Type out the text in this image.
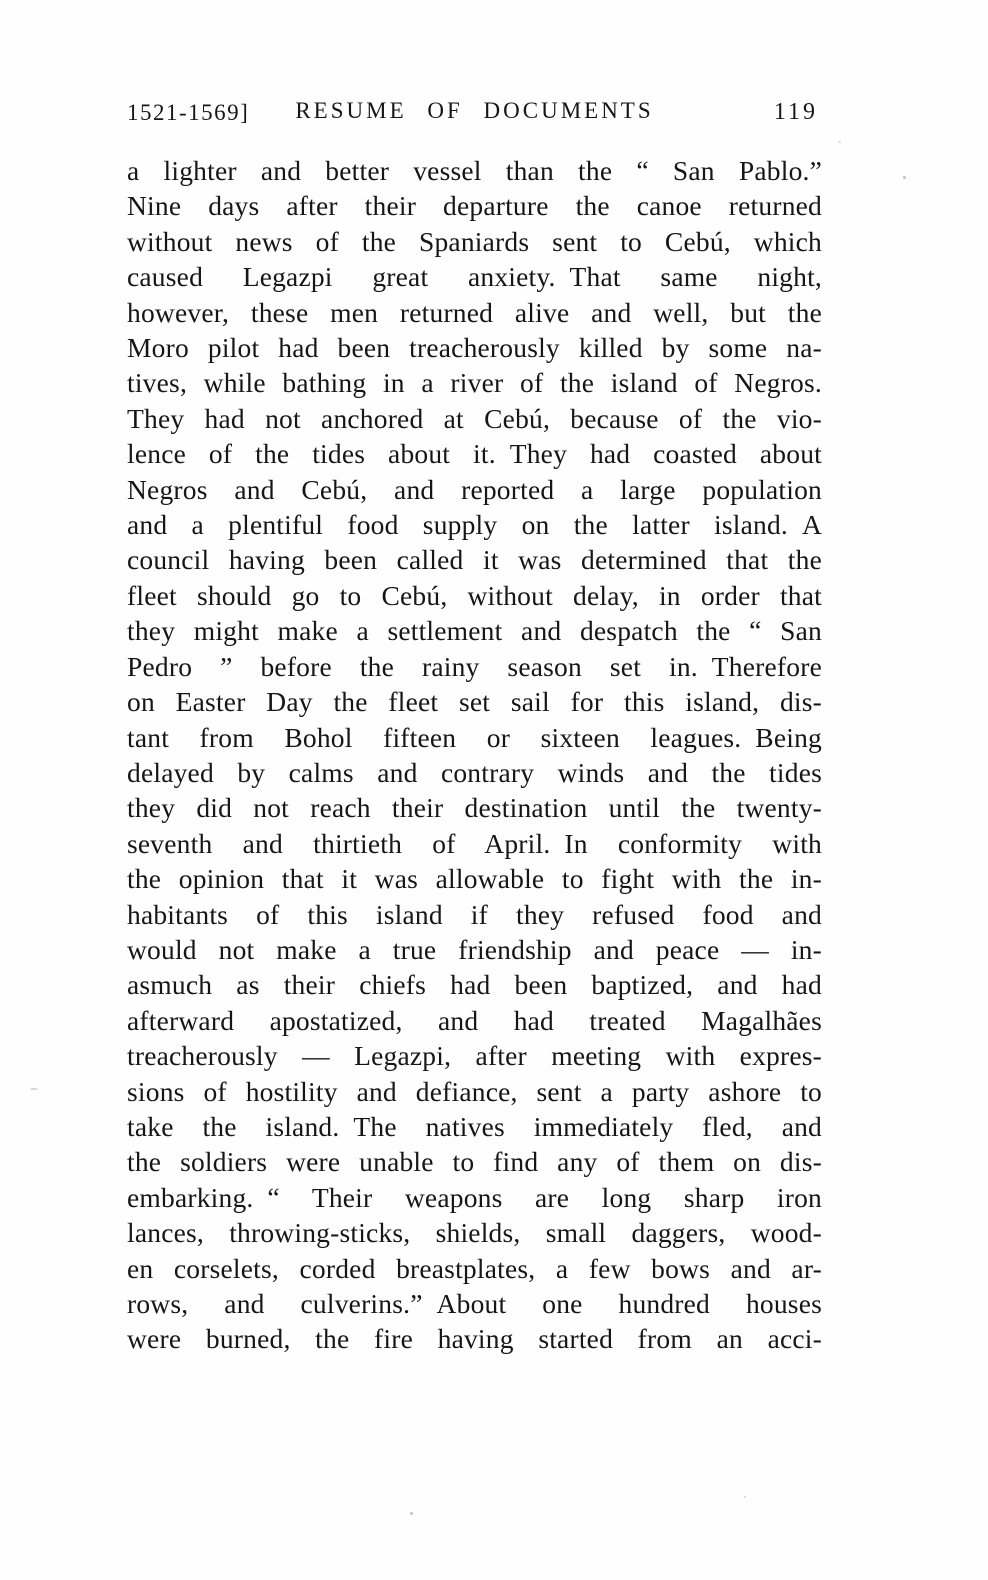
1521-1569] RESUME OF DOCUMENTS	119
a lighter and better vessel than the “ San Pablo.”
Nine days after their departure the canoe returned
without news of the Spaniards sent to Cebú, which
caused Legazpi great anxiety. That same night,
however, these men returned alive and well, but the
Moro pilot had been treacherously killed by some na-
tives, while bathing in a river of the island of Negros.
They had not anchored at Cebú, because of the vio-
lence of the tides about it. They had coasted about
Negros and Cebú, and reported a large population
and a plentiful food supply on the latter island. A
council having been called it was determined that the
fleet should go to Cebú, without delay, in order that
they might make a settlement and despatch the “ San
Pedro ” before the rainy season set in. Therefore
on Easter Day the fleet set sail for this island, dis-
tant from Bohol fifteen or sixteen leagues. Being
delayed by calms and contrary winds and the tides
they did not reach their destination until the twenty-
seventh and thirtieth of April. In conformity with
the opinion that it was allowable to fight with the in-
habitants of this island if they refused food and
would not make a true friendship and peace — in-
asmuch as their chiefs had been baptized, and had
afterward apostatized, and had treated Magalhães
treacherously — Legazpi, after meeting with expres-
sions of hostility and defiance, sent a party ashore to
take the island. The natives immediately fled, and
the soldiers were unable to find any of them on dis-
embarking. “ Their weapons are long sharp iron
lances, throwing-sticks, shields, small daggers, wood-
en corselets, corded breastplates, a few bows and ar-
rows, and culverins.” About one hundred houses
were burned, the fire having started from an acci-
